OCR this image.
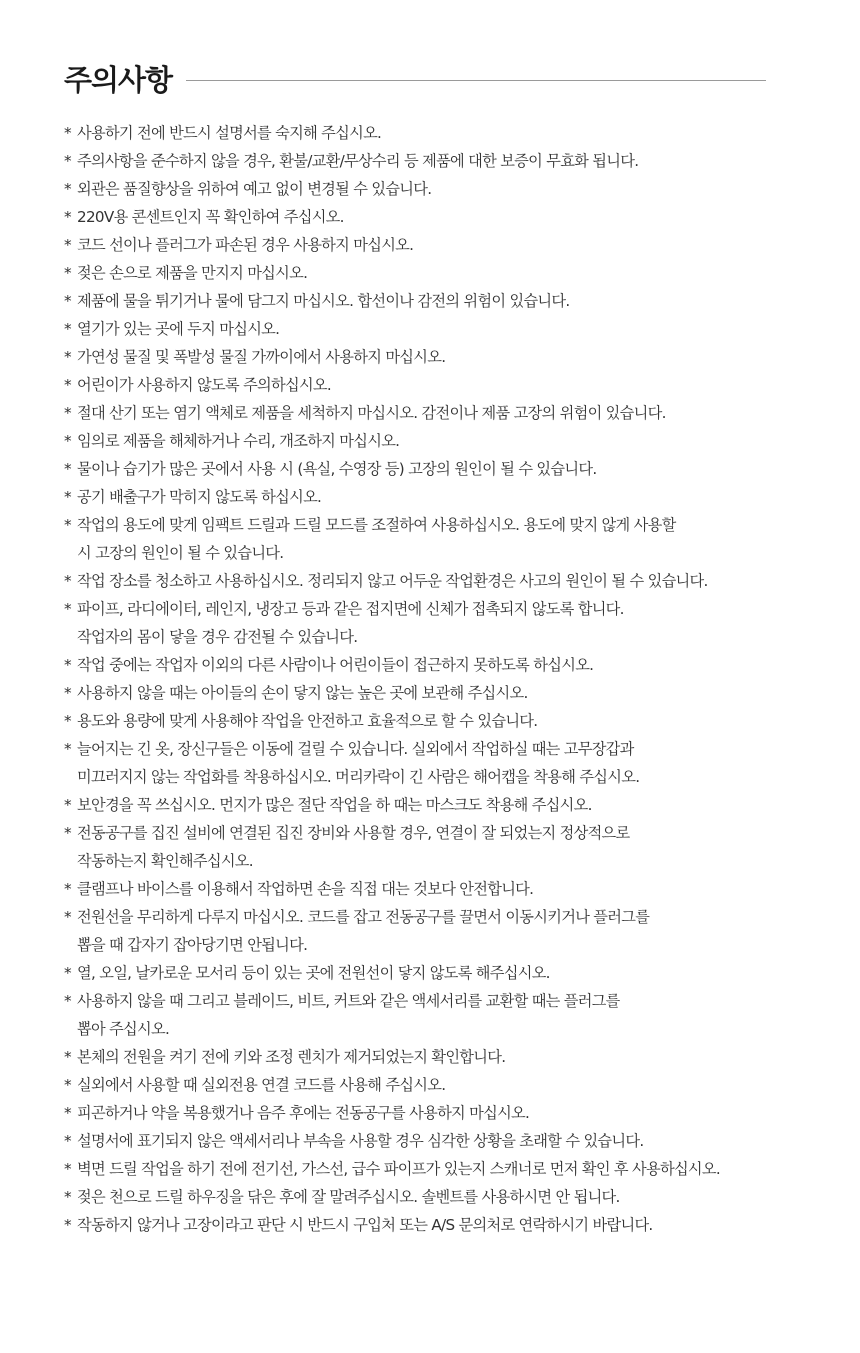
주의사항
* 사용하기 전에 반드시 설명서를 숙지해 주십시오.
* 주의사항을 준수하지 않을 경우, 환불/교환/무상수리 등 제품에 대한 보증이 무효화 됩니다.
* 외관은 품질향상을 위하여 예고 없이 변경될 수 있습니다.
* 220V용 콘센트인지 꼭 확인하여 주십시오.
* 코드 선이나 플러그가 파손된 경우 사용하지 마십시오.
* 젖은 손으로 제품을 만지지 마십시오.
* 제품에 물을 튀기거나 물에 담그지 마십시오. 합선이나 감전의 위험이 있습니다.
* 열기가 있는 곳에 두지 마십시오.
* 가연성 물질 및 폭발성 물질 가까이에서 사용하지 마십시오.
* 어린이가 사용하지 않도록 주의하십시오.
* 절대 산기 또는 염기 액체로 제품을 세척하지 마십시오. 감전이나 제품 고장의 위험이 있습니다.
* 임의로 제품을 해체하거나 수리, 개조하지 마십시오.
* 물이나 습기가 많은 곳에서 사용 시 (욕실, 수영장 등) 고장의 원인이 될 수 있습니다.
* 공기 배출구가 막히지 않도록 하십시오.
* 작업의 용도에 맞게 임팩트 드릴과 드릴 모드를 조절하여 사용하십시오. 용도에 맞지 않게 사용할
시 고장의 원인이 될 수 있습니다.
* 작업 장소를 청소하고 사용하십시오. 정리되지 않고 어두운 작업환경은 사고의 원인이 될 수 있습니다.
* 파이프, 라디에이터, 레인지, 냉장고 등과 같은 접지면에 신체가 접촉되지 않도록 합니다.
작업자의 몸이 닿을 경우 감전될 수 있습니다.
* 작업 중에는 작업자 이외의 다른 사람이나 어린이들이 접근하지 못하도록 하십시오.
* 사용하지 않을 때는 아이들의 손이 닿지 않는 높은 곳에 보관해 주십시오.
* 용도와 용량에 맞게 사용해야 작업을 안전하고 효율적으로 할 수 있습니다.
* 늘어지는 긴 옷, 장신구들은 이동에 걸릴 수 있습니다. 실외에서 작업하실 때는 고무장갑과
미끄러지지 않는 작업화를 착용하십시오. 머리카락이 긴 사람은 해어캡을 착용해 주십시오.
* 보안경을 꼭 쓰십시오. 먼지가 많은 절단 작업을 하 때는 마스크도 착용해 주십시오.
* 전동공구를 집진 설비에 연결된 집진 장비와 사용할 경우, 연결이 잘 되었는지 정상적으로
작동하는지 확인해주십시오.
* 클램프나 바이스를 이용해서 작업하면 손을 직접 대는 것보다 안전합니다.
* 전원선을 무리하게 다루지 마십시오. 코드를 잡고 전동공구를 끌면서 이동시키거나 플러그를
뽑을 때 갑자기 잡아당기면 안됩니다.
* 열, 오일, 날카로운 모서리 등이 있는 곳에 전원선이 닿지 않도록 해주십시오.
* 사용하지 않을 때 그리고 블레이드, 비트, 커트와 같은 액세서리를 교환할 때는 플러그를
뽑아 주십시오.
* 본체의 전원을 켜기 전에 키와 조정 렌치가 제거되었는지 확인합니다.
* 실외에서 사용할 때 실외전용 연결 코드를 사용해 주십시오.
* 피곤하거나 약을 복용했거나 음주 후에는 전동공구를 사용하지 마십시오.
* 설명서에 표기되지 않은 액세서리나 부속을 사용할 경우 심각한 상황을 초래할 수 있습니다.
* 벽면 드릴 작업을 하기 전에 전기선, 가스선, 급수 파이프가 있는지 스캐너로 먼저 확인 후 사용하십시오.
* 젖은 천으로 드릴 하우징을 닦은 후에 잘 말려주십시오. 솔벤트를 사용하시면 안 됩니다.
* 작동하지 않거나 고장이라고 판단 시 반드시 구입처 또는 A/S 문의처로 연락하시기 바랍니다.
